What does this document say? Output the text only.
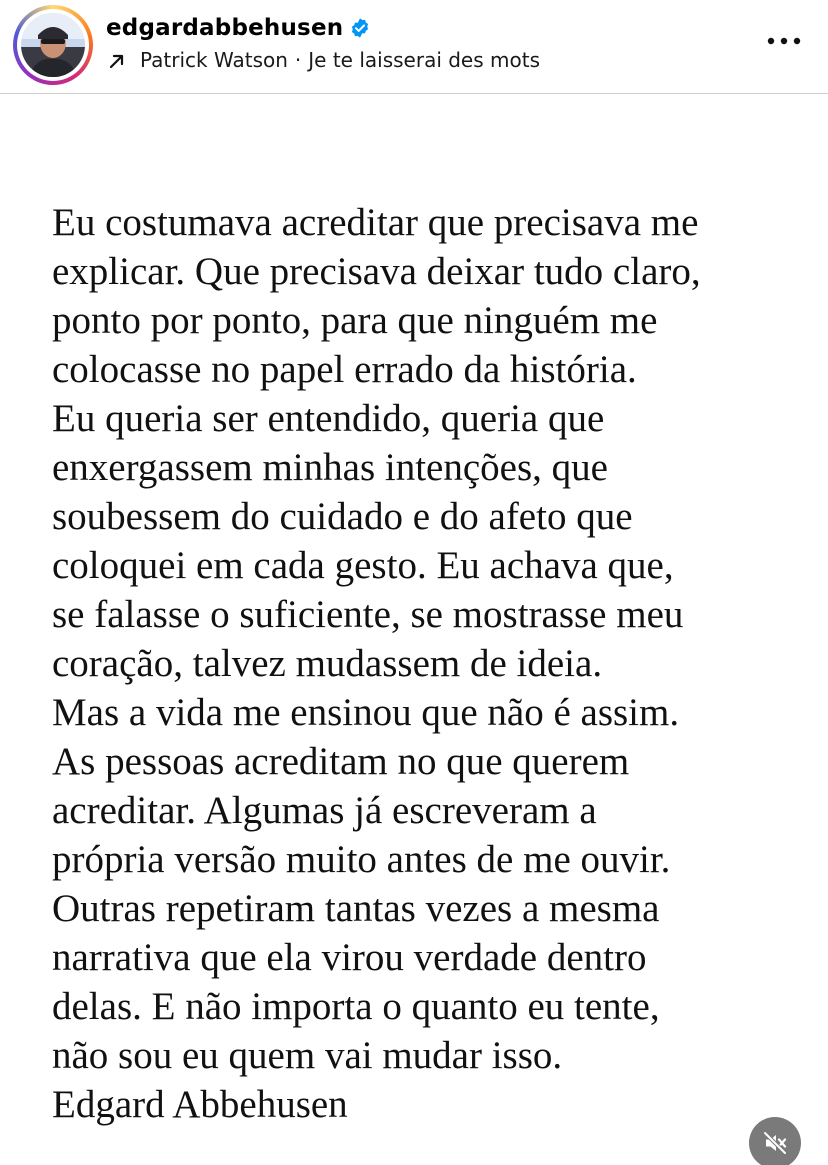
edgardabbehusen
Patrick Watson · Je te laisserai des mots
Eu costumava acreditar que precisava me
explicar. Que precisava deixar tudo claro,
ponto por ponto, para que ninguém me
colocasse no papel errado da história.
Eu queria ser entendido, queria que
enxergassem minhas intenções, que
soubessem do cuidado e do afeto que
coloquei em cada gesto. Eu achava que,
se falasse o suficiente, se mostrasse meu
coração, talvez mudassem de ideia.
Mas a vida me ensinou que não é assim.
As pessoas acreditam no que querem
acreditar. Algumas já escreveram a
própria versão muito antes de me ouvir.
Outras repetiram tantas vezes a mesma
narrativa que ela virou verdade dentro
delas. E não importa o quanto eu tente,
não sou eu quem vai mudar isso.
Edgard Abbehusen
